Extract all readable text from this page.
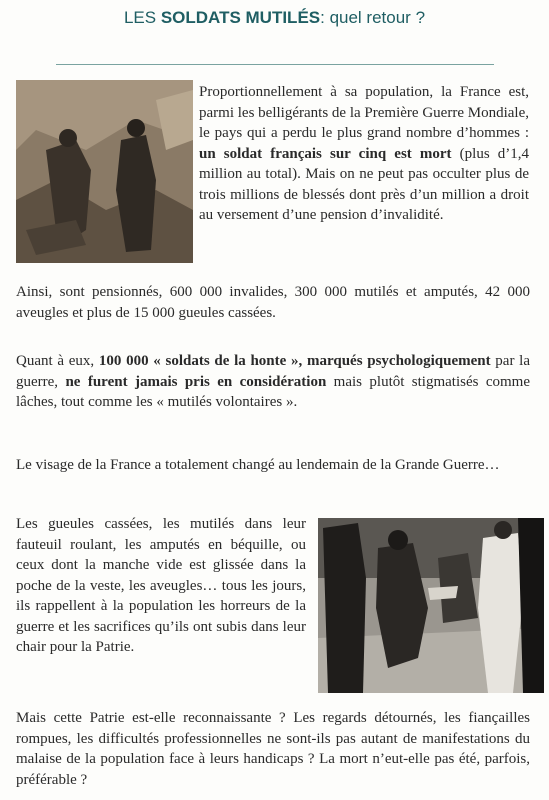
LES SOLDATS MUTILÉS: quel retour ?

Proportionnellement à sa population, la France est, parmi les belligérants de la Première Guerre Mondiale, le pays qui a perdu le plus grand nombre d’hommes : un soldat français sur cinq est mort (plus d’1,4 million au total). Mais on ne peut pas occulter plus de trois millions de blessés dont près d’un million a droit au versement d’une pension d’invalidité.

Ainsi, sont pensionnés, 600 000 invalides, 300 000 mutilés et amputés, 42 000 aveugles et plus de 15 000 gueules cassées.

Quant à eux, 100 000 « soldats de la honte », marqués psychologiquement par la guerre, ne furent jamais pris en considération mais plutôt stigmatisés comme lâches, tout comme les « mutilés volontaires ».

Le visage de la France a totalement changé au lendemain de la Grande Guerre…

Les gueules cassées, les mutilés dans leur fauteuil roulant, les amputés en béquille, ou ceux dont la manche vide est glissée dans la poche de la veste, les aveugles… tous les jours, ils rappellent à la population les horreurs de la guerre et les sacrifices qu’ils ont subis dans leur chair pour la Patrie.

Mais cette Patrie est-elle reconnaissante ? Les regards détournés, les fiançailles rompues, les difficultés professionnelles ne sont-ils pas autant de manifestations du malaise de la population face à leurs handicaps ? La mort n’eut-elle pas été, parfois, préférable ?
